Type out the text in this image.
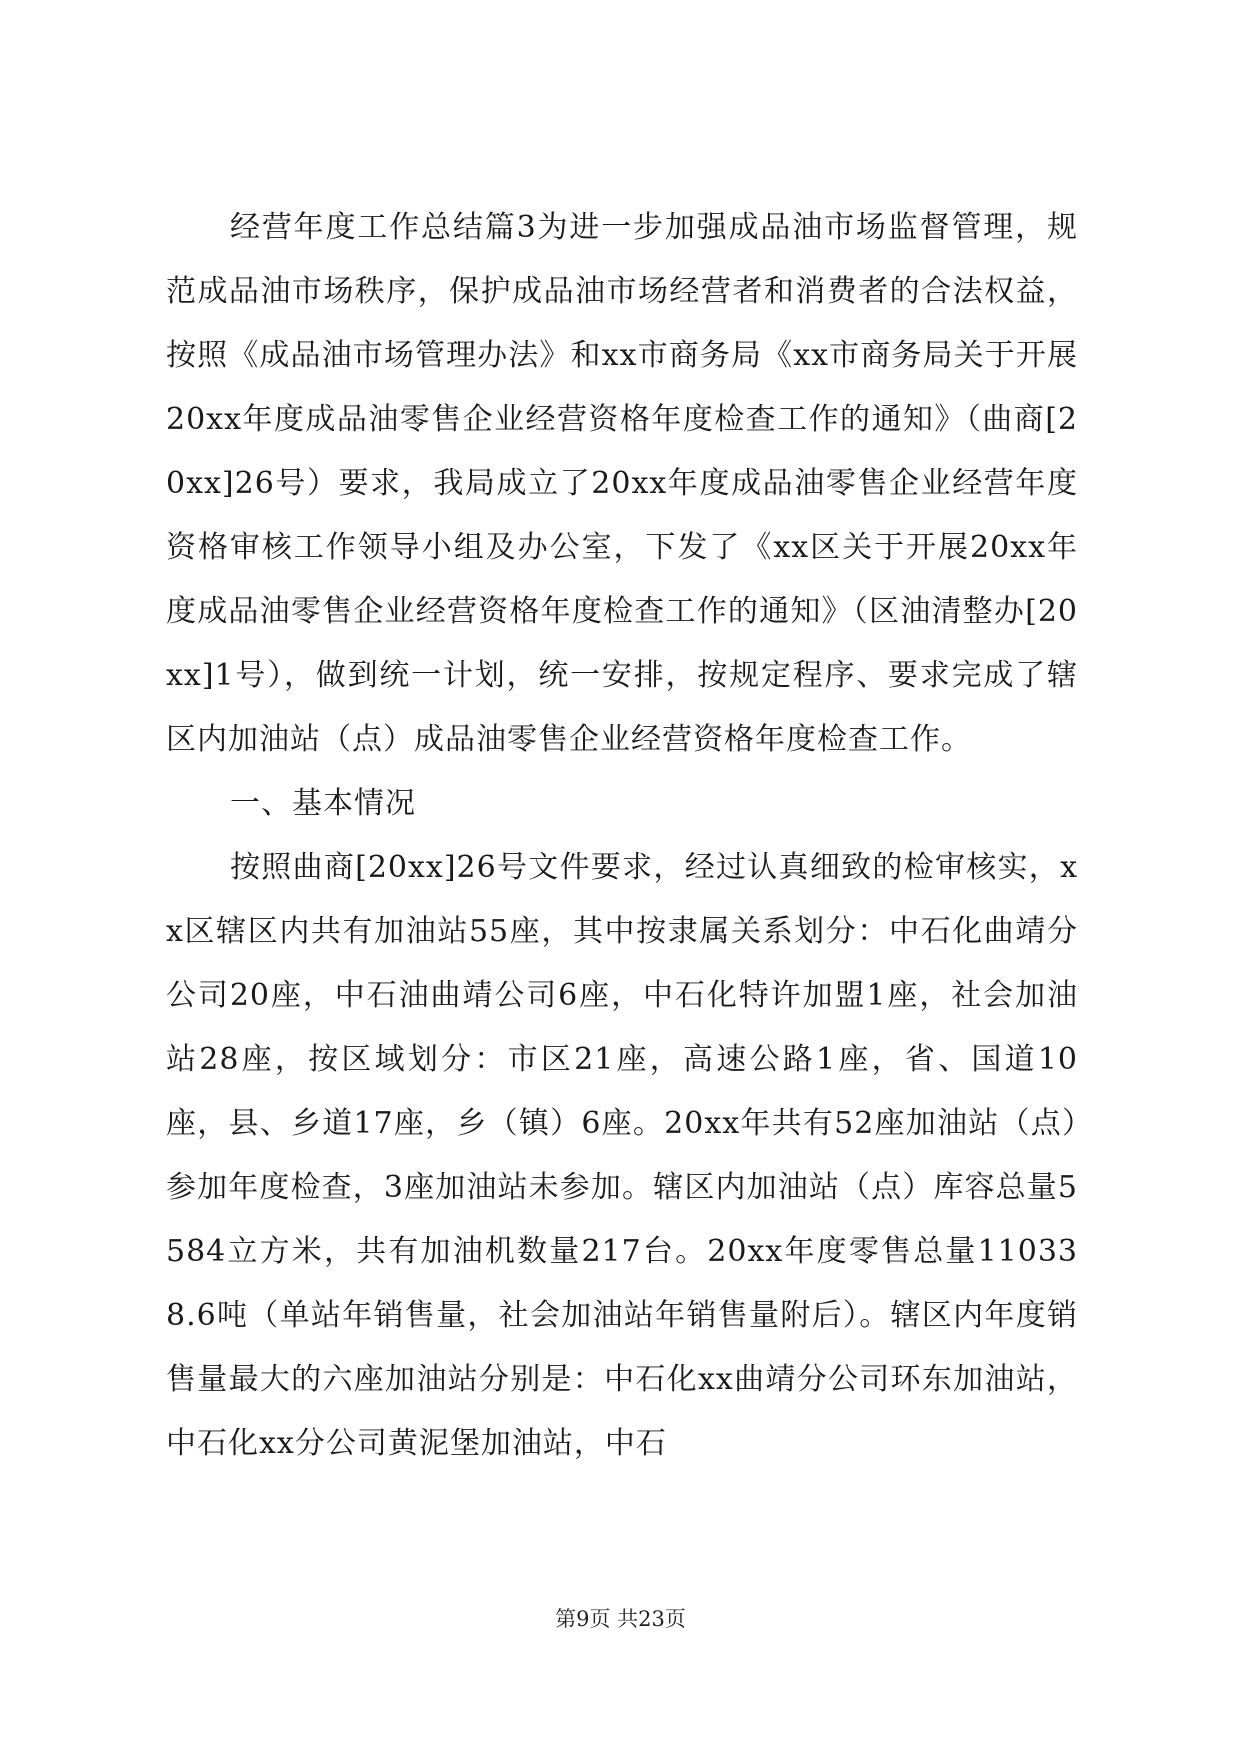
经营年度工作总结篇3为进一步加强成品油市场监督管理，规范成品油市场秩序，保护成品油市场经营者和消费者的合法权益，按照《成品油市场管理办法》和xx市商务局《xx市商务局关于开展20xx年度成品油零售企业经营资格年度检查工作的通知》（曲商[20xx]26号）要求，我局成立了20xx年度成品油零售企业经营年度资格审核工作领导小组及办公室，下发了《xx区关于开展20xx年度成品油零售企业经营资格年度检查工作的通知》（区油清整办[20xx]1号），做到统一计划，统一安排，按规定程序、要求完成了辖区内加油站（点）成品油零售企业经营资格年度检查工作。

一、基本情况

按照曲商[20xx]26号文件要求，经过认真细致的检审核实，xx区辖区内共有加油站55座，其中按隶属关系划分：中石化曲靖分公司20座，中石油曲靖公司6座，中石化特许加盟1座，社会加油站28座，按区域划分：市区21座，高速公路1座，省、国道10座，县、乡道17座，乡（镇）6座。20xx年共有52座加油站（点）参加年度检查，3座加油站未参加。辖区内加油站（点）库容总量5584立方米，共有加油机数量217台。20xx年度零售总量110338.6吨（单站年销售量，社会加油站年销售量附后）。辖区内年度销售量最大的六座加油站分别是：中石化xx曲靖分公司环东加油站，中石化xx分公司黄泥堡加油站，中石

第9页 共23页
